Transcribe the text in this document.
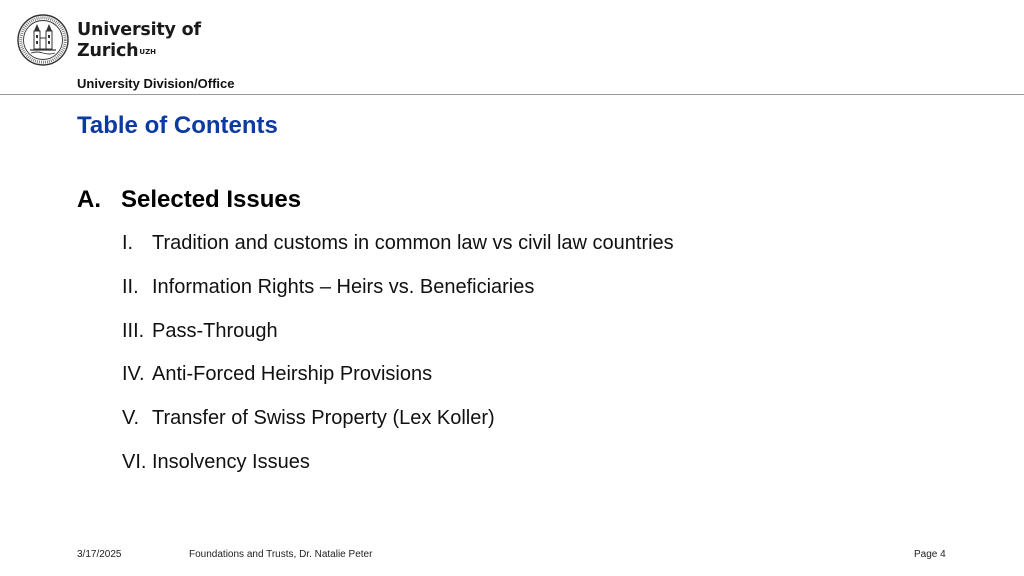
University of
Zurich$^{UZH}$
University Division/Office
Table of Contents
A. Selected Issues
I. Tradition and customs in common law vs civil law countries
II. Information Rights – Heirs vs. Beneficiaries
III. Pass-Through
IV. Anti-Forced Heirship Provisions
V. Transfer of Swiss Property (Lex Koller)
VI. Insolvency Issues
3/17/2025	Foundations and Trusts, Dr. Natalie Peter	Page 4
